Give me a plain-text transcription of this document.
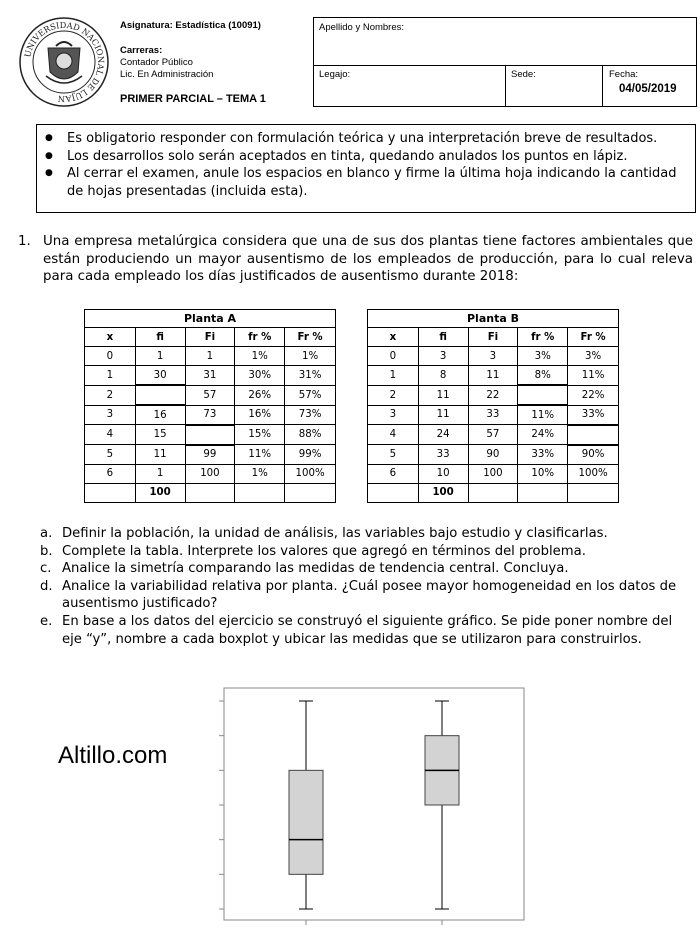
UNIVERSIDAD NACIONAL DE LUJAN
Asignatura: Estadística (10091)
Carreras:
Contador Público
Lic. En Administración
PRIMER PARCIAL – TEMA 1
Apellido y Nombres:
Legajo:	Sede:	Fecha:
04/05/2019
● Es obligatorio responder con formulación teórica y una interpretación breve de resultados.
● Los desarrollos solo serán aceptados en tinta, quedando anulados los puntos en lápiz.
● Al cerrar el examen, anule los espacios en blanco y firme la última hoja indicando la cantidad de hojas presentadas (incluida esta).
1. Una empresa metalúrgica considera que una de sus dos plantas tiene factores ambientales que están produciendo un mayor ausentismo de los empleados de producción, para lo cual releva para cada empleado los días justificados de ausentismo durante 2018:
Planta A				
x	fi	Fi	fr %	Fr %
0	1	1	1%	1%
1	30	31	30%	31%
2		57	26%	57%
3	16	73	16%	73%
4	15		15%	88%
5	11	99	11%	99%
6	1	100	1%	100%
	100			
Planta B				
x	fi	Fi	fr %	Fr %
0	3	3	3%	3%
1	8	11	8%	11%
2	11	22		22%
3	11	33	11%	33%
4	24	57	24%	
5	33	90	33%	90%
6	10	100	10%	100%
	100			
a. Definir la población, la unidad de análisis, las variables bajo estudio y clasificarlas.
b. Complete la tabla. Interprete los valores que agregó en términos del problema.
c. Analice la simetría comparando las medidas de tendencia central. Concluya.
d. Analice la variabilidad relativa por planta. ¿Cuál posee mayor homogeneidad en los datos de ausentismo justificado?
e. En base a los datos del ejercicio se construyó el siguiente gráfico. Se pide poner nombre del eje “y”, nombre a cada boxplot y ubicar las medidas que se utilizaron para construirlos.
Altillo.com
